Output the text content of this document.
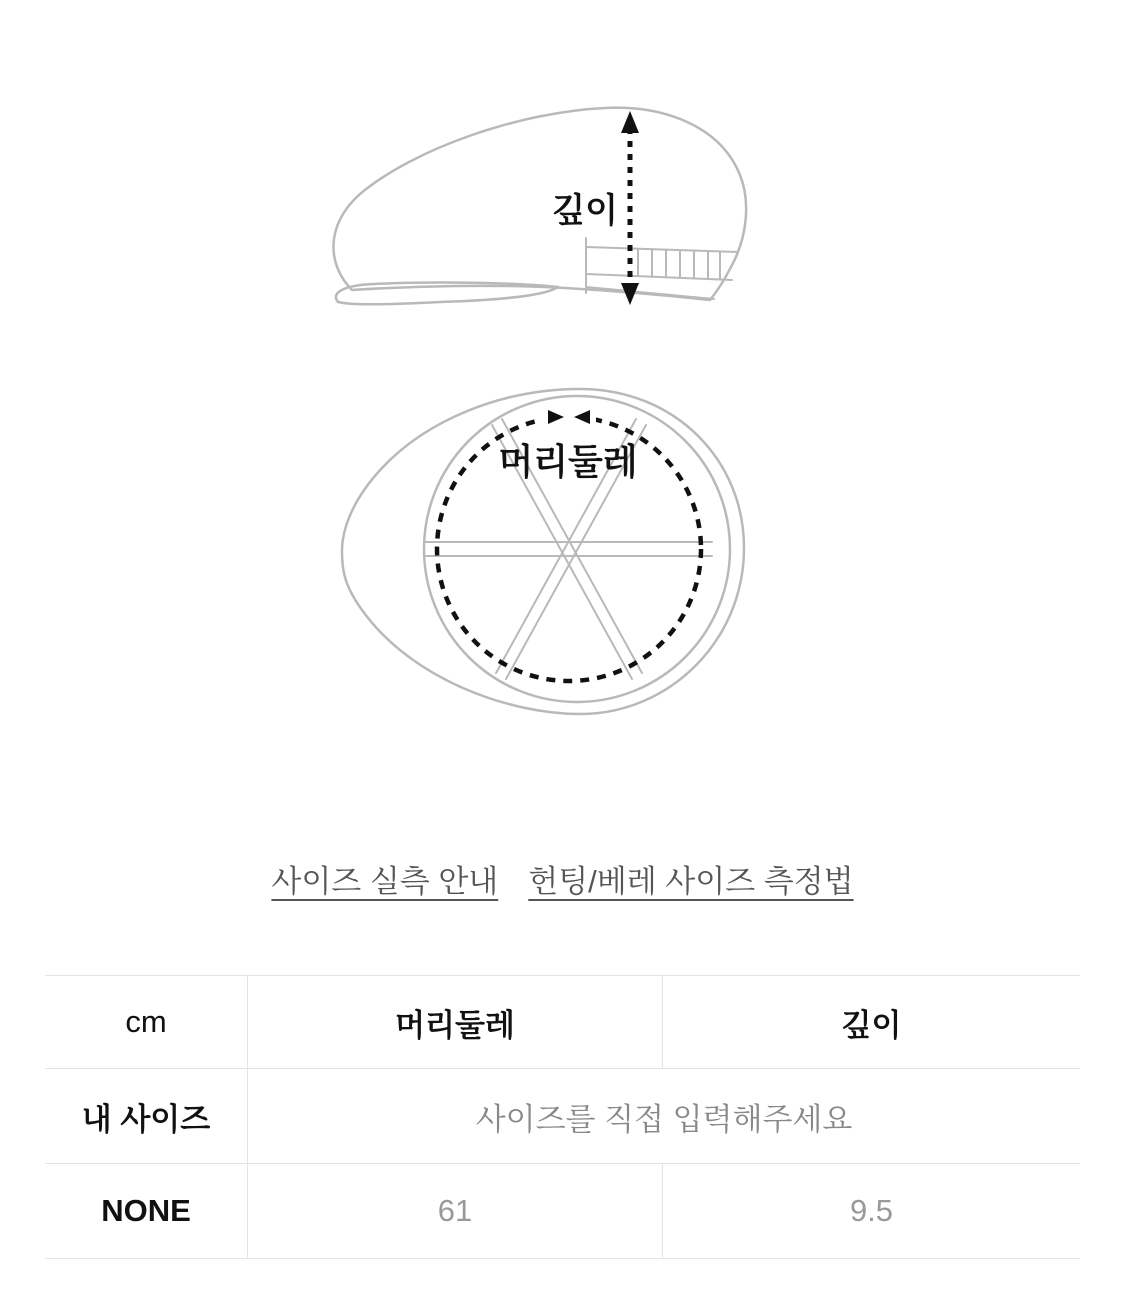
깊이
머리둘레
사이즈 실측 안내 헌팅/베레 사이즈 측정법
cm	머리둘레	깊이
내 사이즈	사이즈를 직접 입력해주세요
NONE	61	9.5
